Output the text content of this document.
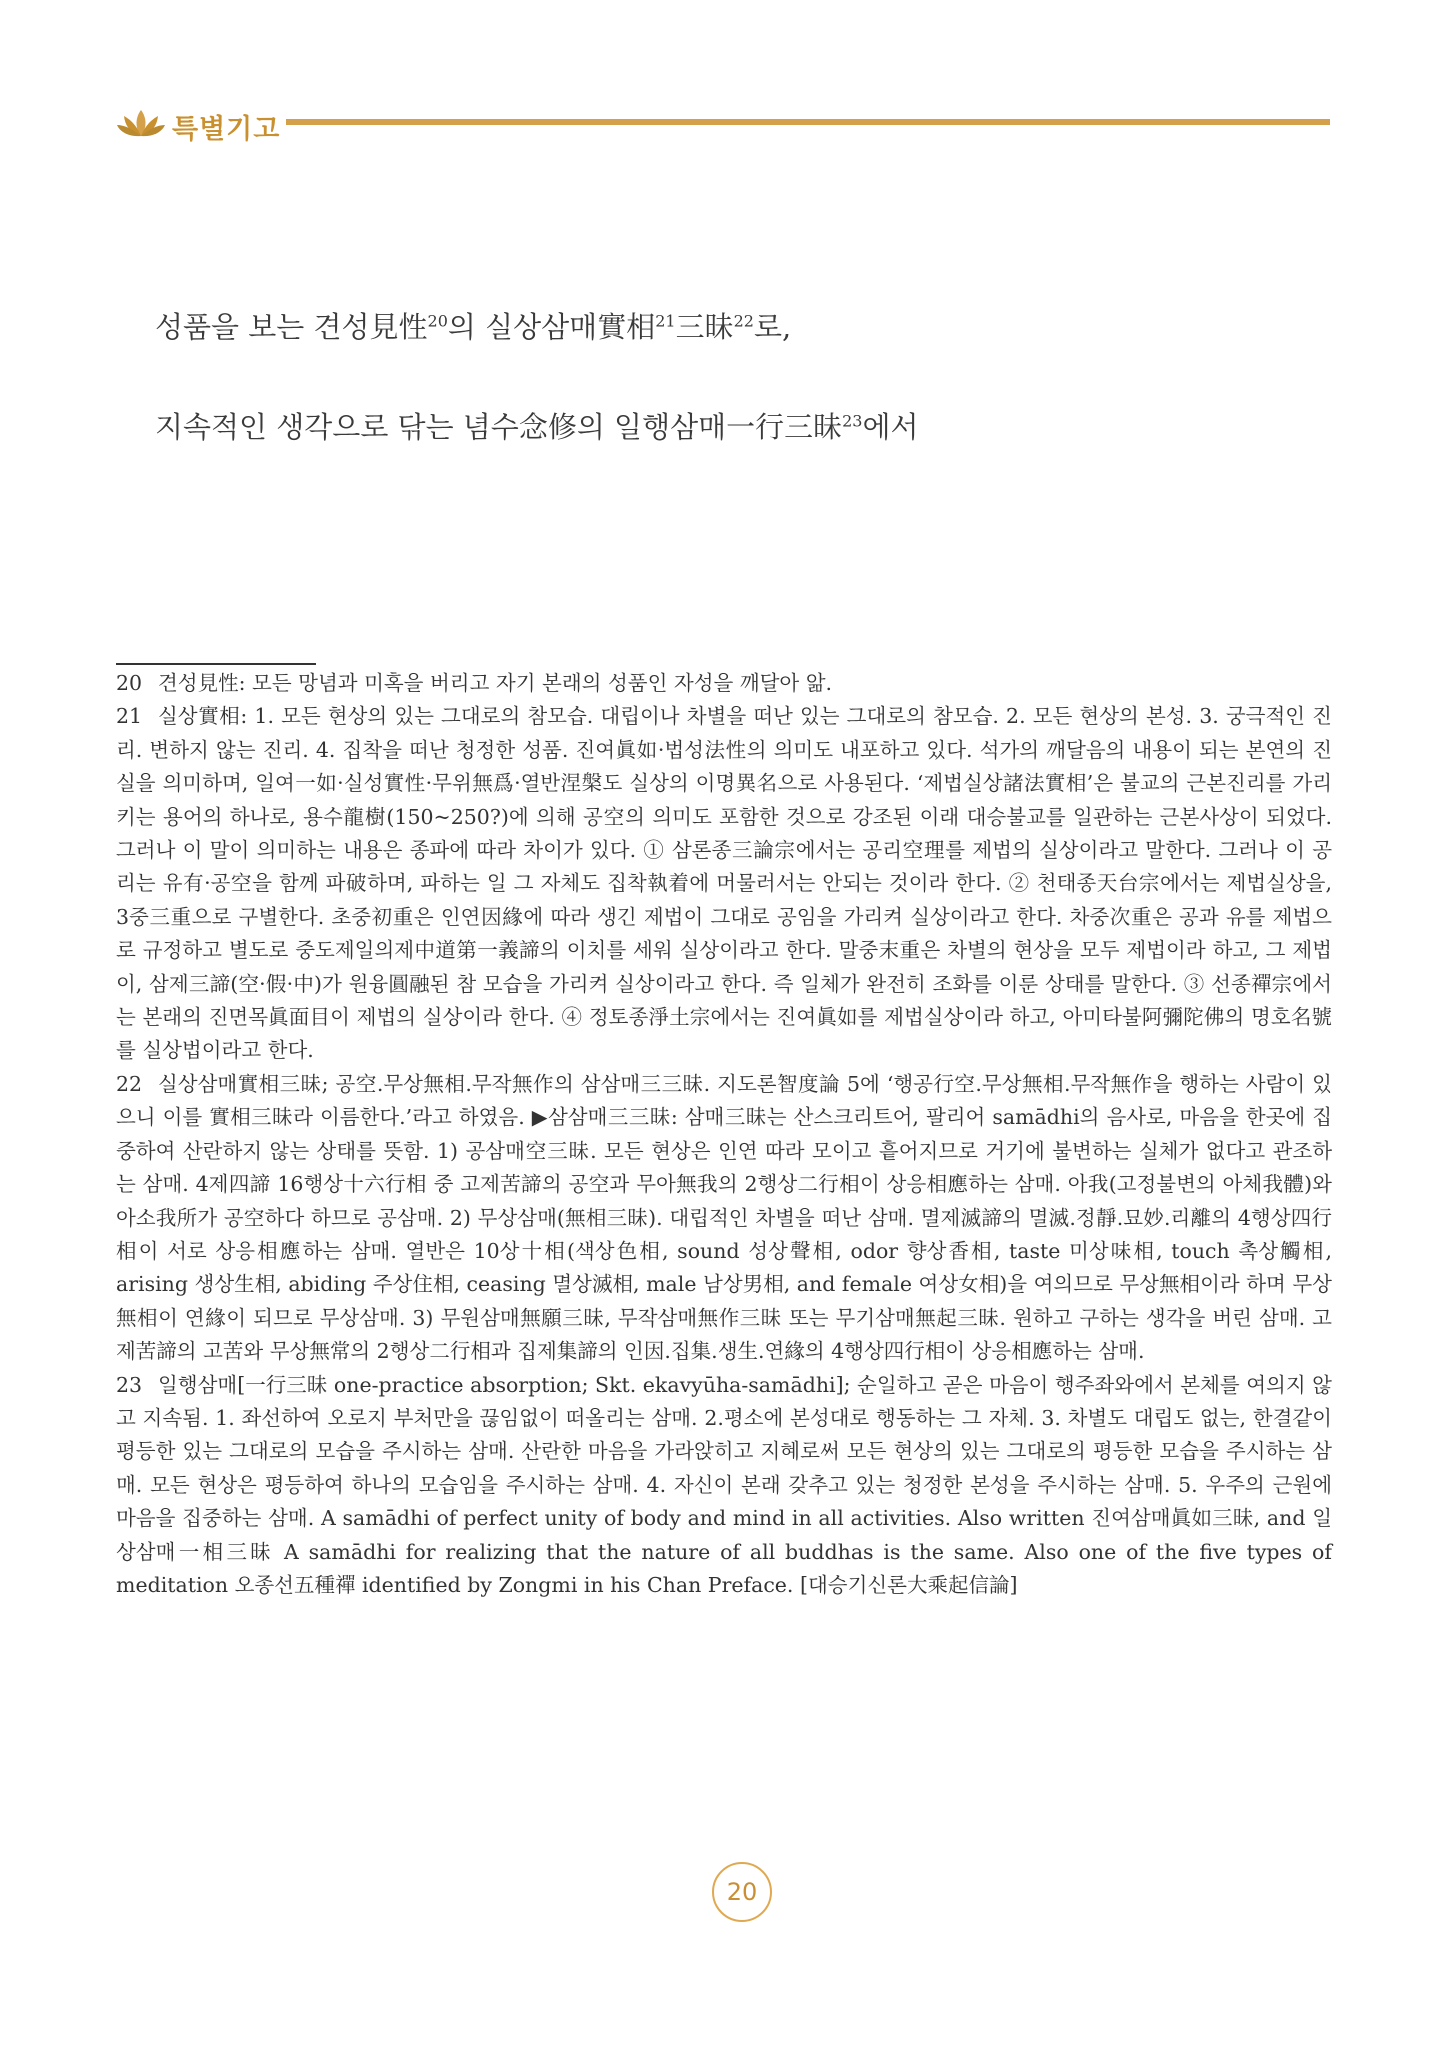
특별기고
성품을 보는 견성見性$^{20}$의 실상삼매實相$^{21}$三昧$^{22}$로,
지속적인 생각으로 닦는 념수念修의 일행삼매一行三昧$^{23}$에서
20 견성見性: 모든 망념과 미혹을 버리고 자기 본래의 성품인 자성을 깨달아 앎.
21 실상實相: 1. 모든 현상의 있는 그대로의 참모습. 대립이나 차별을 떠난 있는 그대로의 참모습. 2. 모든 현상의 본성. 3. 궁극적인 진리. 변하지 않는 진리. 4. 집착을 떠난 청정한 성품. 진여眞如·법성法性의 의미도 내포하고 있다. 석가의 깨달음의 내용이 되는 본연의 진실을 의미하며, 일여一如·실성實性·무위無爲·열반涅槃도 실상의 이명異名으로 사용된다. ‘제법실상諸法實相’은 불교의 근본진리를 가리키는 용어의 하나로, 용수龍樹(150~250?)에 의해 공空의 의미도 포함한 것으로 강조된 이래 대승불교를 일관하는 근본사상이 되었다. 그러나 이 말이 의미하는 내용은 종파에 따라 차이가 있다. ① 삼론종三論宗에서는 공리空理를 제법의 실상이라고 말한다. 그러나 이 공리는 유有·공空을 함께 파破하며, 파하는 일 그 자체도 집착執着에 머물러서는 안되는 것이라 한다. ② 천태종天台宗에서는 제법실상을, 3중三重으로 구별한다. 초중初重은 인연因緣에 따라 생긴 제법이 그대로 공임을 가리켜 실상이라고 한다. 차중次重은 공과 유를 제법으로 규정하고 별도로 중도제일의제中道第一義諦의 이치를 세워 실상이라고 한다. 말중末重은 차별의 현상을 모두 제법이라 하고, 그 제법이, 삼제三諦(空·假·中)가 원융圓融된 참 모습을 가리켜 실상이라고 한다. 즉 일체가 완전히 조화를 이룬 상태를 말한다. ③ 선종禪宗에서는 본래의 진면목眞面目이 제법의 실상이라 한다. ④ 정토종淨土宗에서는 진여眞如를 제법실상이라 하고, 아미타불阿彌陀佛의 명호名號를 실상법이라고 한다.
22 실상삼매實相三昧; 공空.무상無相.무작無作의 삼삼매三三昧. 지도론智度論 5에 ‘행공行空.무상無相.무작無作을 행하는 사람이 있으니 이를 實相三昧라 이름한다.’라고 하였음. ▶삼삼매三三昧: 삼매三昧는 산스크리트어, 팔리어 samādhi의 음사로, 마음을 한곳에 집중하여 산란하지 않는 상태를 뜻함. 1) 공삼매空三昧. 모든 현상은 인연 따라 모이고 흩어지므로 거기에 불변하는 실체가 없다고 관조하는 삼매. 4제四諦 16행상十六行相 중 고제苦諦의 공空과 무아無我의 2행상二行相이 상응相應하는 삼매. 아我(고정불변의 아체我體)와 아소我所가 공空하다 하므로 공삼매. 2) 무상삼매(無相三昧). 대립적인 차별을 떠난 삼매. 멸제滅諦의 멸滅.정靜.묘妙.리離의 4행상四行相이 서로 상응相應하는 삼매. 열반은 10상十相(색상色相, sound 성상聲相, odor 향상香相, taste 미상味相, touch 촉상觸相, arising 생상生相, abiding 주상住相, ceasing 멸상滅相, male 남상男相, and female 여상女相)을 여의므로 무상無相이라 하며 무상無相이 연緣이 되므로 무상삼매. 3) 무원삼매無願三昧, 무작삼매無作三昧 또는 무기삼매無起三昧. 원하고 구하는 생각을 버린 삼매. 고제苦諦의 고苦와 무상無常의 2행상二行相과 집제集諦의 인因.집集.생生.연緣의 4행상四行相이 상응相應하는 삼매.
23 일행삼매[一行三昧 one-practice absorption; Skt. ekavyūha-samādhi]; 순일하고 곧은 마음이 행주좌와에서 본체를 여의지 않고 지속됨. 1. 좌선하여 오로지 부처만을 끊임없이 떠올리는 삼매. 2.평소에 본성대로 행동하는 그 자체. 3. 차별도 대립도 없는, 한결같이 평등한 있는 그대로의 모습을 주시하는 삼매. 산란한 마음을 가라앉히고 지혜로써 모든 현상의 있는 그대로의 평등한 모습을 주시하는 삼매. 모든 현상은 평등하여 하나의 모습임을 주시하는 삼매. 4. 자신이 본래 갖추고 있는 청정한 본성을 주시하는 삼매. 5. 우주의 근원에 마음을 집중하는 삼매. A samādhi of perfect unity of body and mind in all activities. Also written 진여삼매眞如三昧, and 일상삼매一相三昧 A samādhi for realizing that the nature of all buddhas is the same. Also one of the five types of meditation 오종선五種禪 identified by Zongmi in his Chan Preface. [대승기신론大乘起信論]
20
